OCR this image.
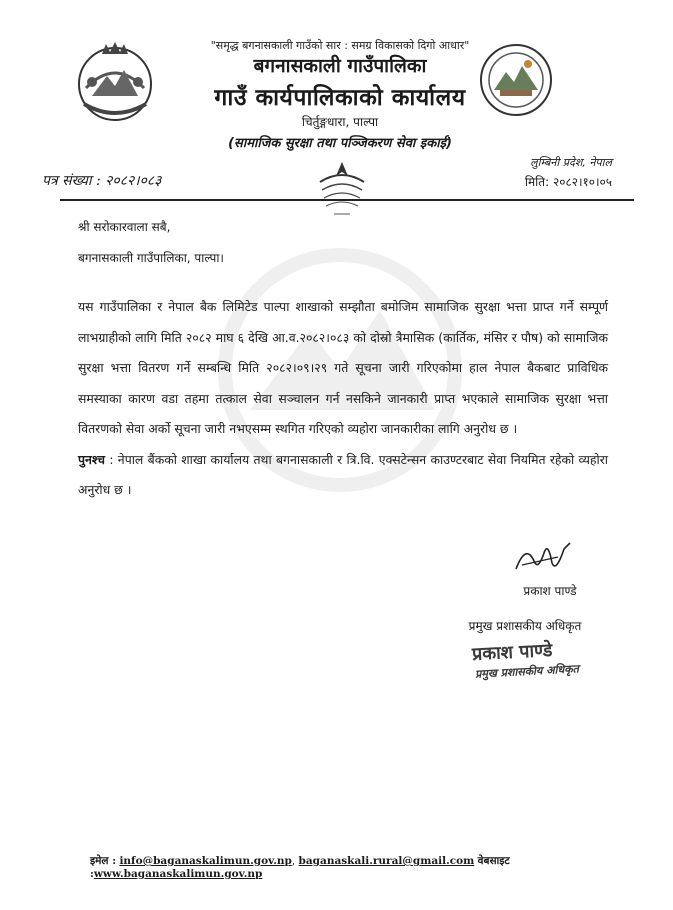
"समृद्ध बगनासकाली गाउँको सार : समग्र विकासको दिगो आधार"
बगनासकाली गाउँपालिका
गाउँ कार्यपालिकाको कार्यालय
चिर्तुङ्गधारा, पाल्पा
(सामाजिक सुरक्षा तथा पञ्जिकरण सेवा इकाई)
लुम्बिनी प्रदेश, नेपाल
मिति: २०८२।१०।०५
पत्र संख्या : २०८२।०८३
श्री सरोकारवाला सबै,
बगनासकाली गाउँपालिका, पाल्पा।

यस गाउँपालिका र नेपाल बैक लिमिटेड पाल्पा शाखाको सम्झौता बमोजिम सामाजिक सुरक्षा भत्ता प्राप्त गर्ने सम्पूर्ण लाभग्राहीको लागि मिति २०८२ माघ ६ देखि आ.व.२०८२।०८३ को दोस्रो त्रैमासिक (कार्तिक, मंसिर र पौष) को सामाजिक सुरक्षा भत्ता वितरण गर्ने सम्बन्धि मिति २०८२।०९।२९ गते सूचना जारी गरिएकोमा हाल नेपाल बैकबाट प्राविधिक समस्याका कारण वडा तहमा तत्काल सेवा सञ्चालन गर्न नसकिने जानकारी प्राप्त भएकाले सामाजिक सुरक्षा भत्ता वितरणको सेवा अर्को सूचना जारी नभएसम्म स्थगित गरिएको व्यहोरा जानकारीका लागि अनुरोध छ ।

पुनश्च : नेपाल बैंकको शाखा कार्यालय तथा बगनासकाली र त्रि.वि. एक्सटेन्सन काउण्टरबाट सेवा नियमित रहेको व्यहोरा अनुरोध छ ।

प्रकाश पाण्डे
प्रमुख प्रशासकीय अधिकृत
प्रकाश पाण्डे
प्रमुख प्रशासकीय अधिकृत
इमेल : info@baganaskalimun.gov.np, baganaskali.rural@gmail.com वेबसाइट :www.baganaskalimun.gov.np
